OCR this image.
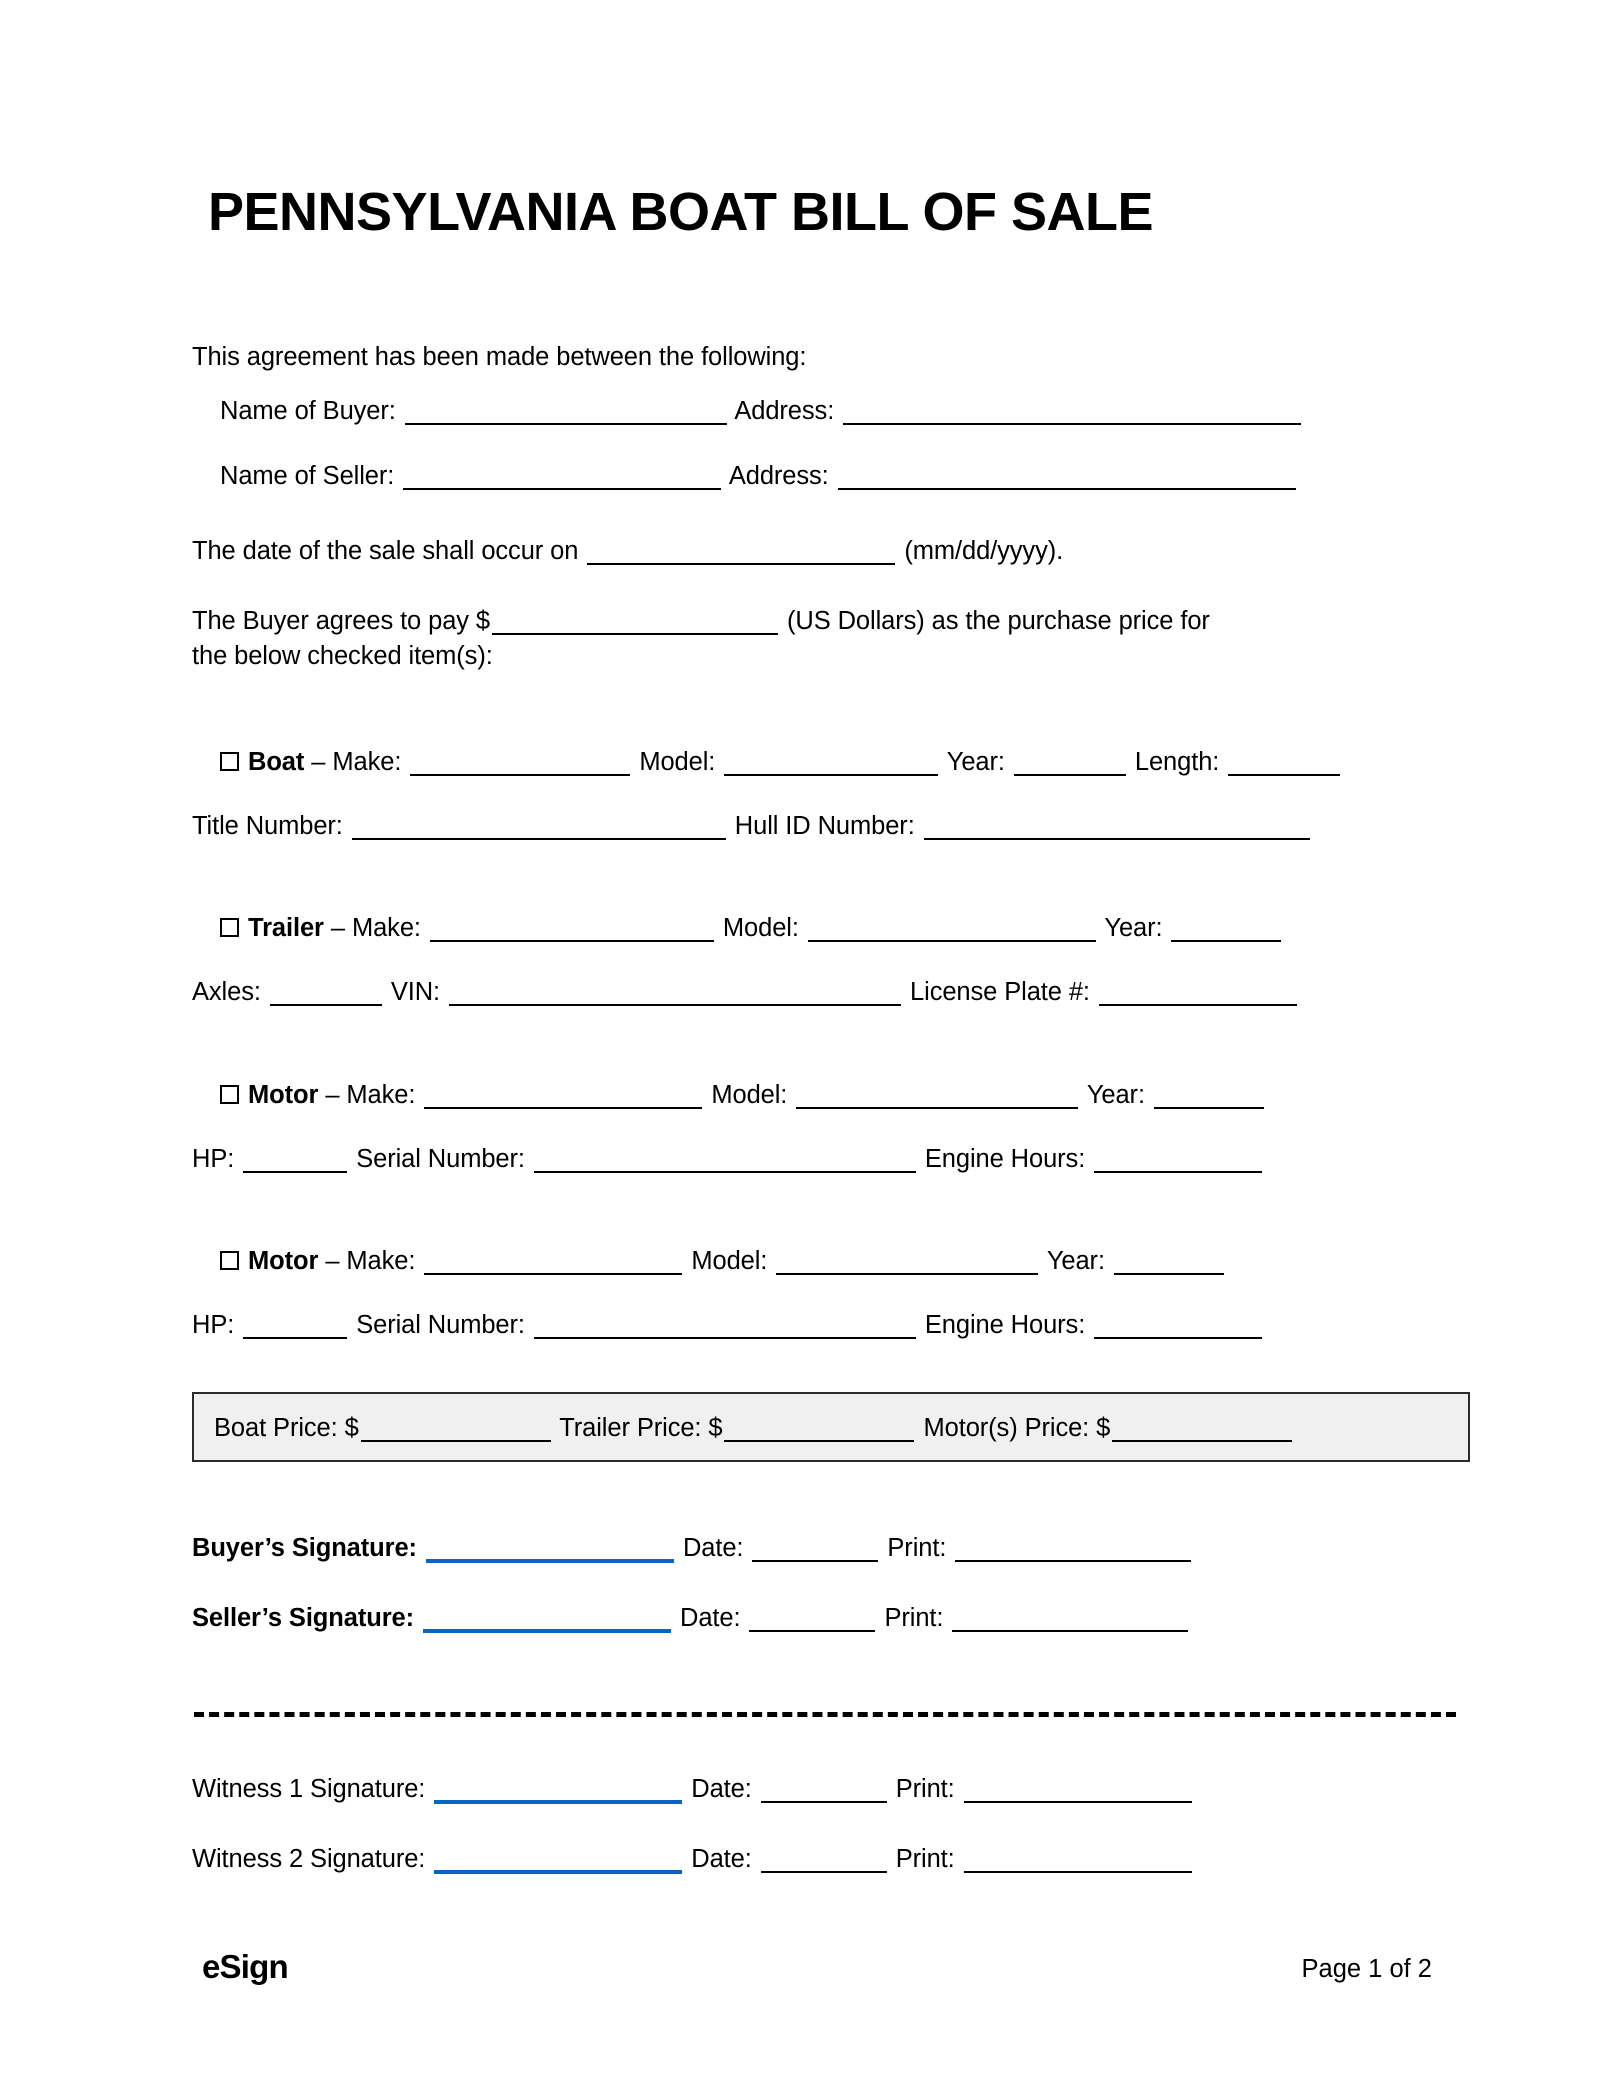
PENNSYLVANIA BOAT BILL OF SALE
This agreement has been made between the following:
Name of Buyer:	Address:
Name of Seller:	Address:
The date of the sale shall occur on	(mm/dd/yyyy).
The Buyer agrees to pay $	(US Dollars) as the purchase price for
the below checked item(s):
Boat – Make:	Model:	Year:	Length:
Title Number:	Hull ID Number:
Trailer – Make:	Model:	Year:
Axles:	VIN:	License Plate #:
Motor – Make:	Model:	Year:
HP:	Serial Number:	Engine Hours:
Motor – Make:	Model:	Year:
HP:	Serial Number:	Engine Hours:
Boat Price: $	Trailer Price: $	Motor(s) Price: $
Buyer’s Signature:	Date:	Print:
Seller’s Signature:	Date:	Print:
Witness 1 Signature:	Date:	Print:
Witness 2 Signature:	Date:	Print:
eSign	Page 1 of 2
